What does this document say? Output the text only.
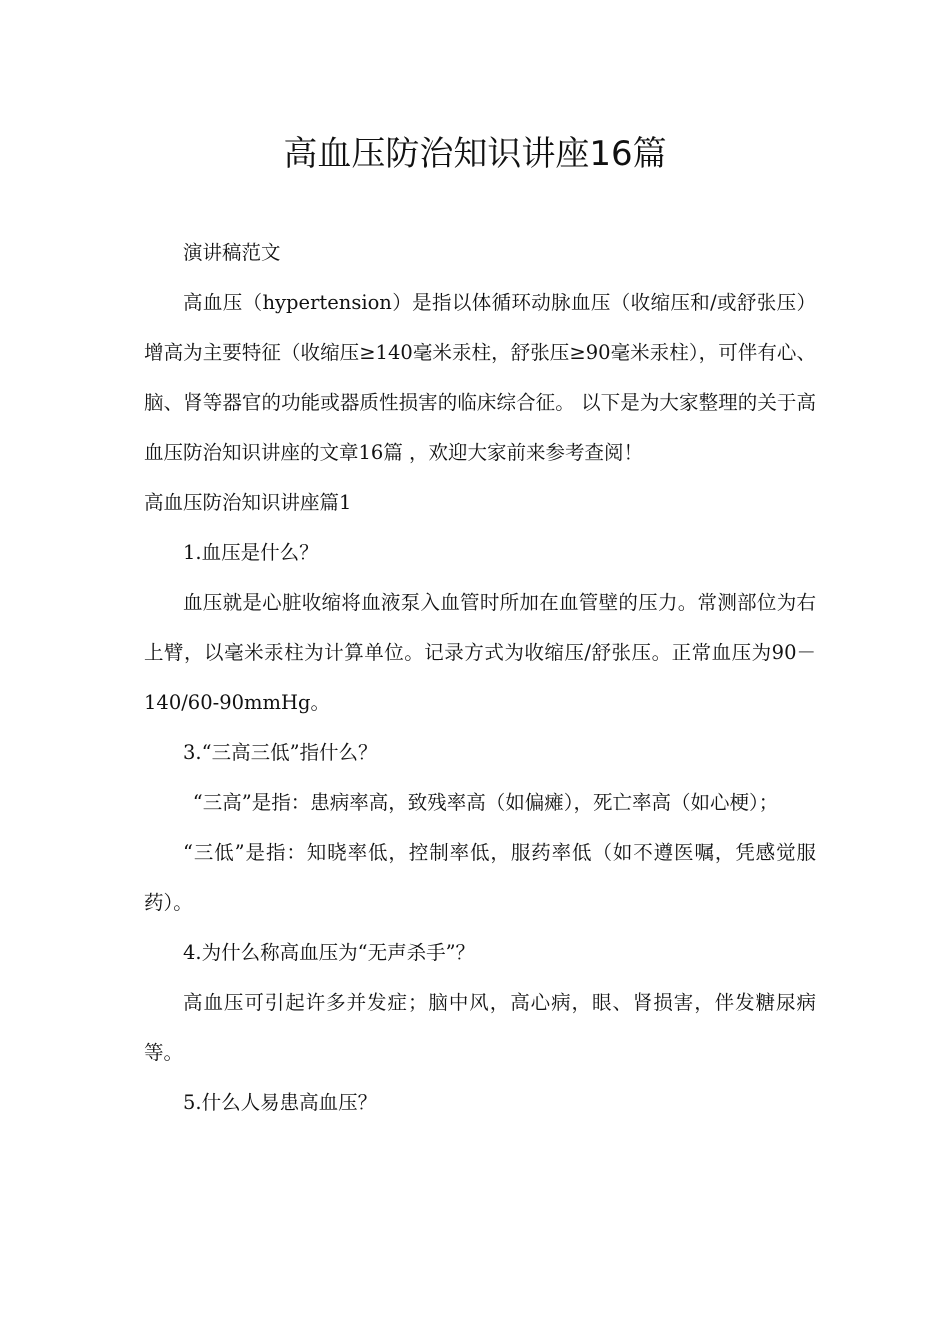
高血压防治知识讲座16篇

演讲稿范文

高血压（hypertension）是指以体循环动脉血压（收缩压和/或舒张压）增高为主要特征（收缩压≥140毫米汞柱，舒张压≥90毫米汞柱），可伴有心、脑、肾等器官的功能或器质性损害的临床综合征。 以下是为大家整理的关于高血压防治知识讲座的文章16篇 ，欢迎大家前来参考查阅！

高血压防治知识讲座篇1

1.血压是什么？

血压就是心脏收缩将血液泵入血管时所加在血管壁的压力。常测部位为右上臂，以毫米汞柱为计算单位。记录方式为收缩压/舒张压。正常血压为90－140/60-90mmHg。

3.“三高三低”指什么？

“三高”是指：患病率高，致残率高（如偏瘫），死亡率高（如心梗）；

“三低”是指：知晓率低，控制率低，服药率低（如不遵医嘱，凭感觉服药）。

4.为什么称高血压为“无声杀手”？

高血压可引起许多并发症；脑中风，高心病，眼、肾损害，伴发糖尿病等。

5.什么人易患高血压？
